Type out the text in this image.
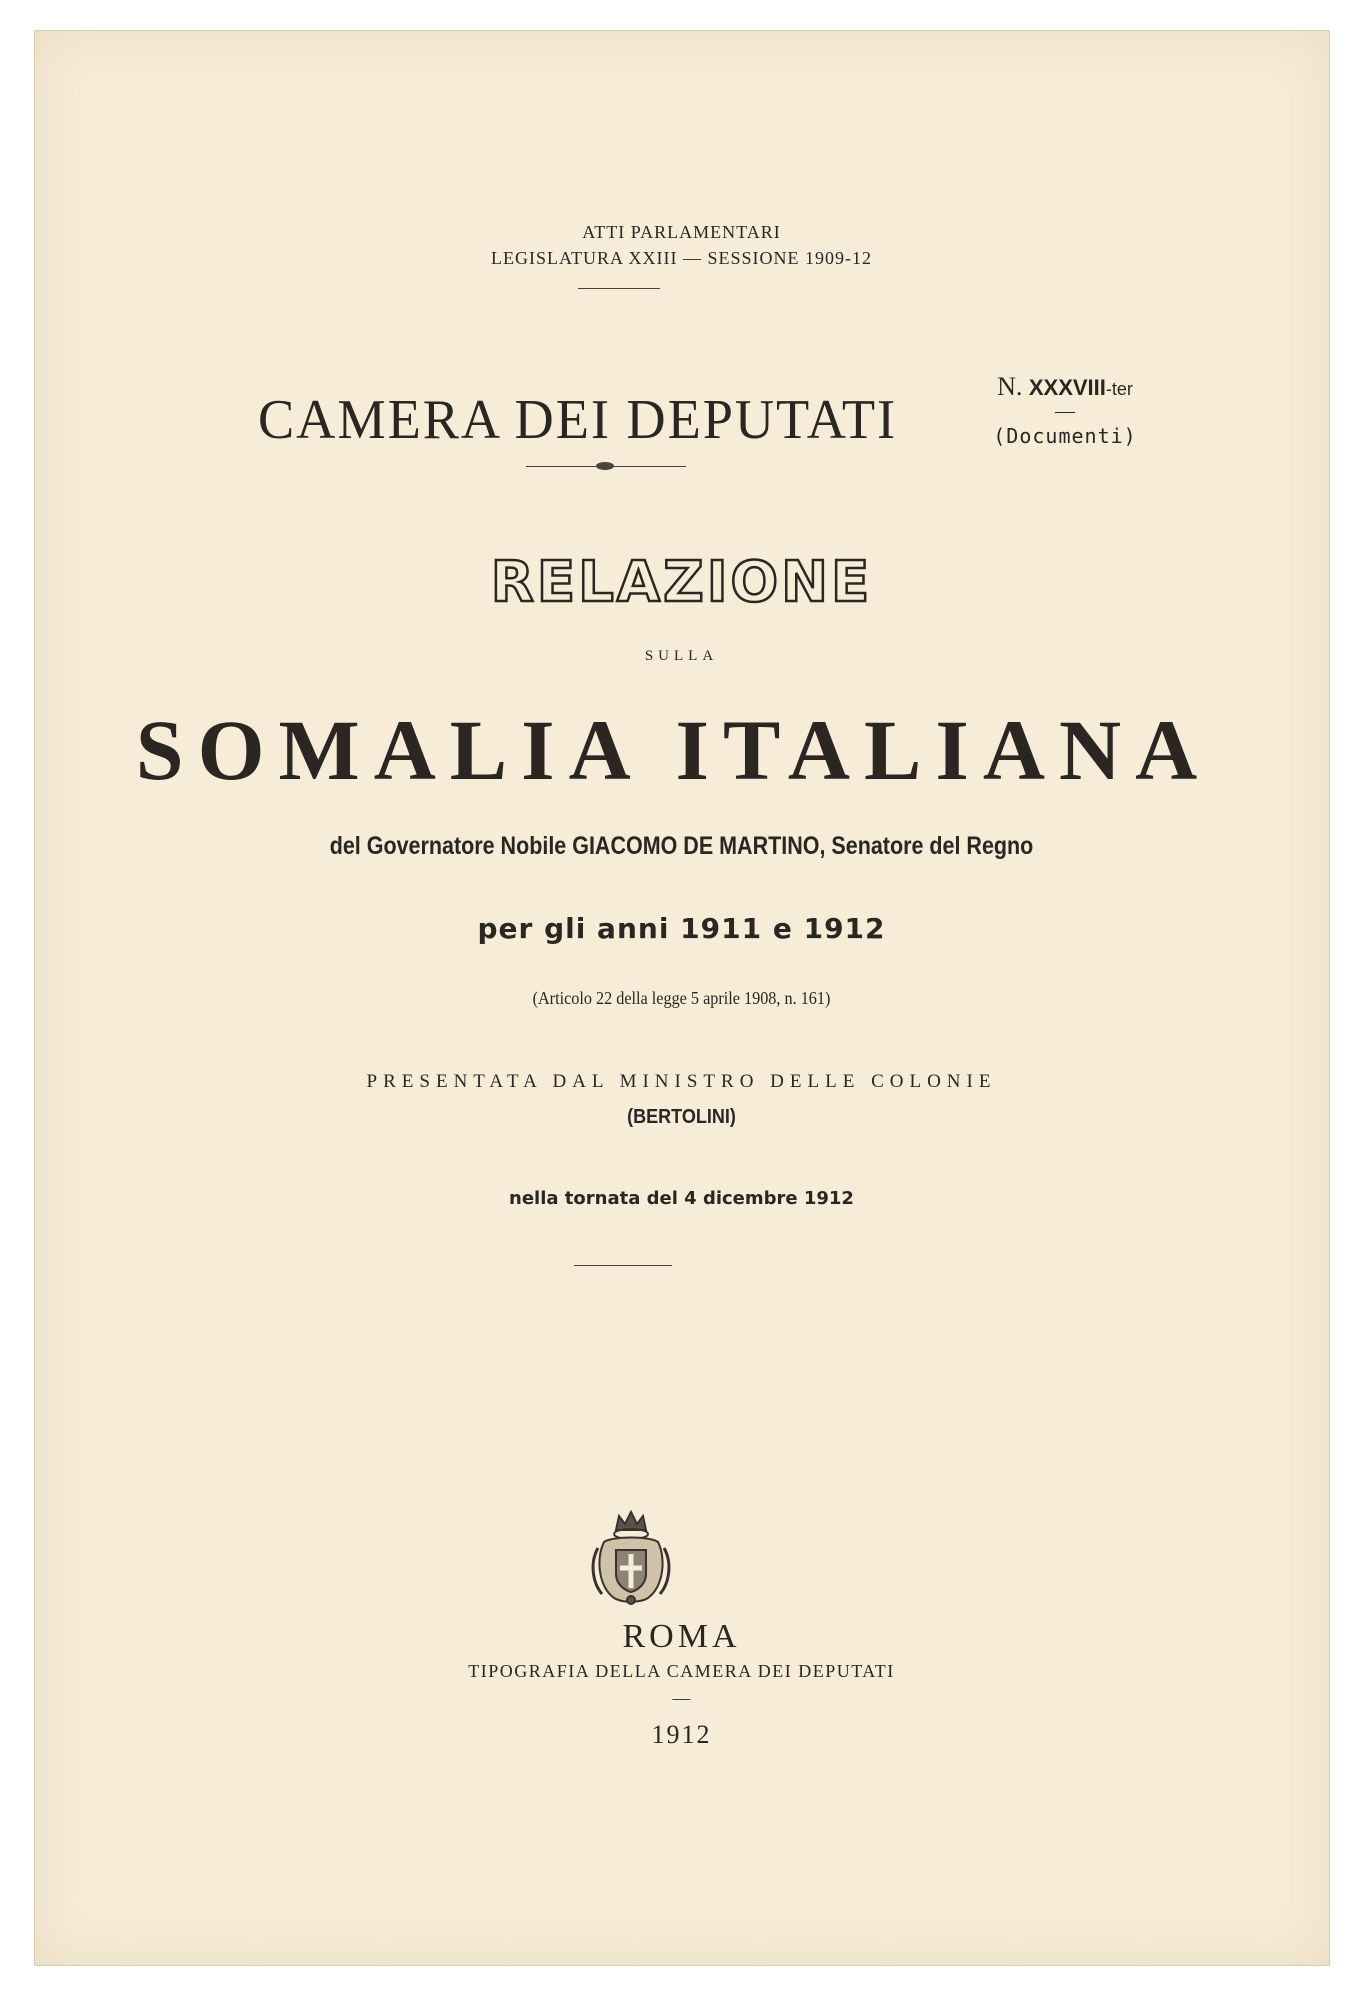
ATTI PARLAMENTARI
LEGISLATURA XXIII — SESSIONE 1909-12
CAMERA DEI DEPUTATI
N. XXXVIII-ter
—
(Documenti)
RELAZIONE
SULLA
SOMALIA ITALIANA
del Governatore Nobile GIACOMO DE MARTINO, Senatore del Regno
per gli anni 1911 e 1912
(Articolo 22 della legge 5 aprile 1908, n. 161)
PRESENTATA DAL MINISTRO DELLE COLONIE
(BERTOLINI)
nella tornata del 4 dicembre 1912
ROMA
TIPOGRAFIA DELLA CAMERA DEI DEPUTATI
—
1912
